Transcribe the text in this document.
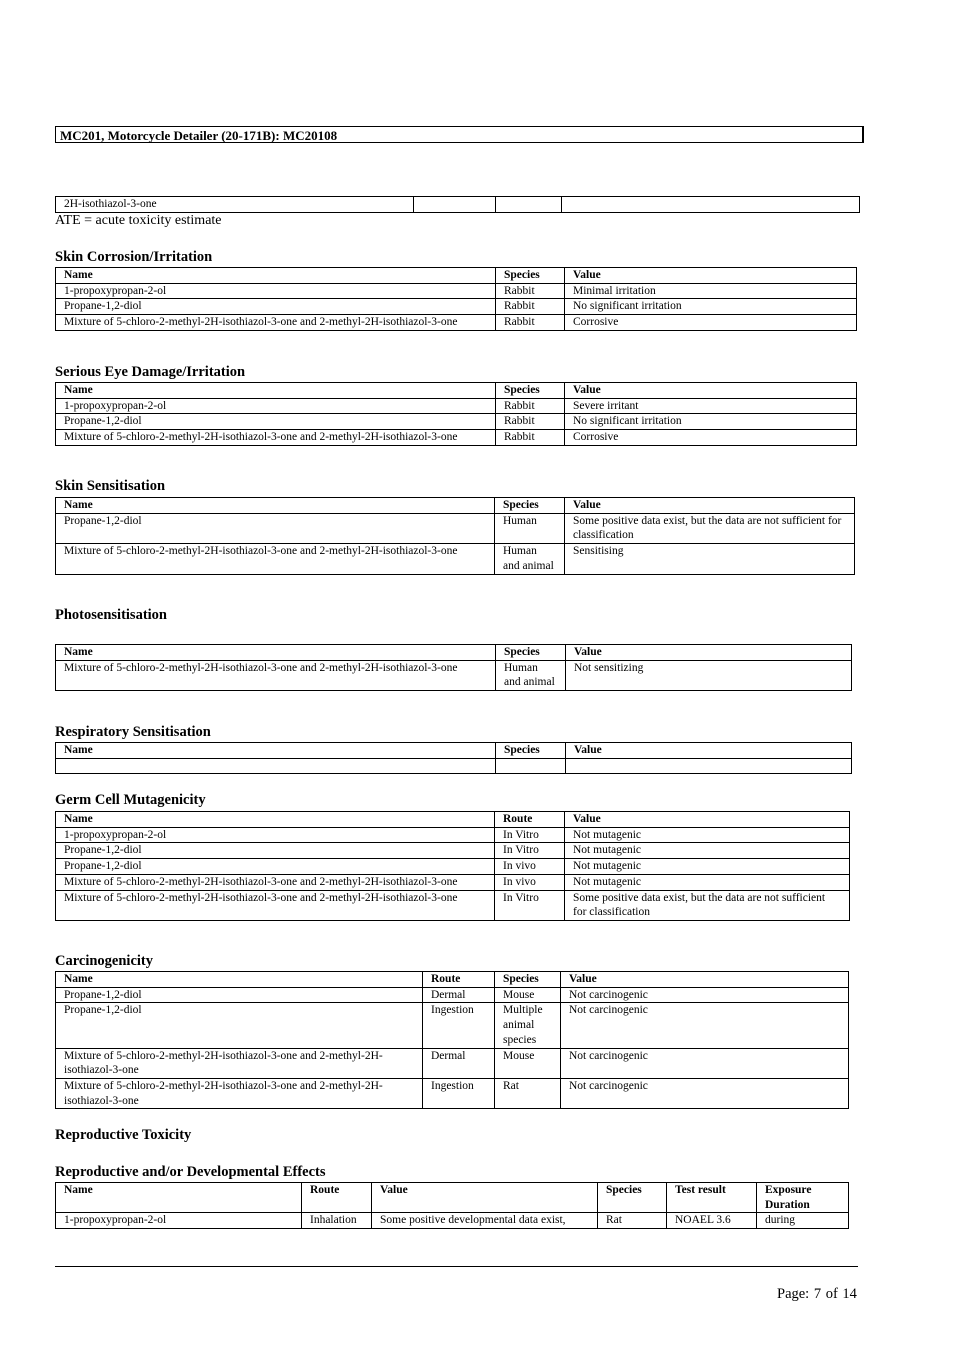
MC201, Motorcycle Detailer (20-171B): MC20108
2H-isothiazol-3-one			
ATE = acute toxicity estimate
Skin Corrosion/Irritation
Name	Species	Value
1-propoxypropan-2-ol	Rabbit	Minimal irritation
Propane-1,2-diol	Rabbit	No significant irritation
Mixture of 5-chloro-2-methyl-2H-isothiazol-3-one and 2-methyl-2H-isothiazol-3-one	Rabbit	Corrosive
Serious Eye Damage/Irritation
Name	Species	Value
1-propoxypropan-2-ol	Rabbit	Severe irritant
Propane-1,2-diol	Rabbit	No significant irritation
Mixture of 5-chloro-2-methyl-2H-isothiazol-3-one and 2-methyl-2H-isothiazol-3-one	Rabbit	Corrosive
Skin Sensitisation
Name	Species	Value
Propane-1,2-diol	Human	Some positive data exist, but the data are not sufficient for classification
Mixture of 5-chloro-2-methyl-2H-isothiazol-3-one and 2-methyl-2H-isothiazol-3-one	Human and animal	Sensitising
Photosensitisation
Name	Species	Value
Mixture of 5-chloro-2-methyl-2H-isothiazol-3-one and 2-methyl-2H-isothiazol-3-one	Human and animal	Not sensitizing
Respiratory Sensitisation
Name	Species	Value

Germ Cell Mutagenicity
Name	Route	Value
1-propoxypropan-2-ol	In Vitro	Not mutagenic
Propane-1,2-diol	In Vitro	Not mutagenic
Propane-1,2-diol	In vivo	Not mutagenic
Mixture of 5-chloro-2-methyl-2H-isothiazol-3-one and 2-methyl-2H-isothiazol-3-one	In vivo	Not mutagenic
Mixture of 5-chloro-2-methyl-2H-isothiazol-3-one and 2-methyl-2H-isothiazol-3-one	In Vitro	Some positive data exist, but the data are not sufficient for classification
Carcinogenicity
Name	Route	Species	Value
Propane-1,2-diol	Dermal	Mouse	Not carcinogenic
Propane-1,2-diol	Ingestion	Multiple animal species	Not carcinogenic
Mixture of 5-chloro-2-methyl-2H-isothiazol-3-one and 2-methyl-2H-isothiazol-3-one	Dermal	Mouse	Not carcinogenic
Mixture of 5-chloro-2-methyl-2H-isothiazol-3-one and 2-methyl-2H-isothiazol-3-one	Ingestion	Rat	Not carcinogenic
Reproductive Toxicity
Reproductive and/or Developmental Effects
Name	Route	Value	Species	Test result	Exposure Duration
1-propoxypropan-2-ol	Inhalation	Some positive developmental data exist,	Rat	NOAEL 3.6	during
Page: 7 of 14
